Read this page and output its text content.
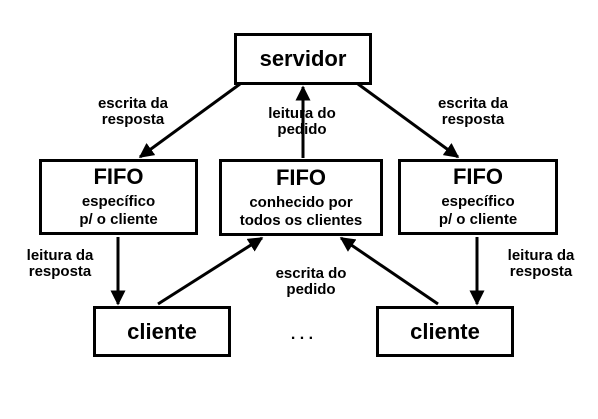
servidor
FIFO
específico
p/ o cliente
FIFO
conhecido por
todos os clientes
FIFO
específico
p/ o cliente
cliente	cliente
escrita da
resposta	leitura do
pedido
escrita da
resposta
leitura da
resposta	escrita do
pedido
leitura da
resposta
. . .
